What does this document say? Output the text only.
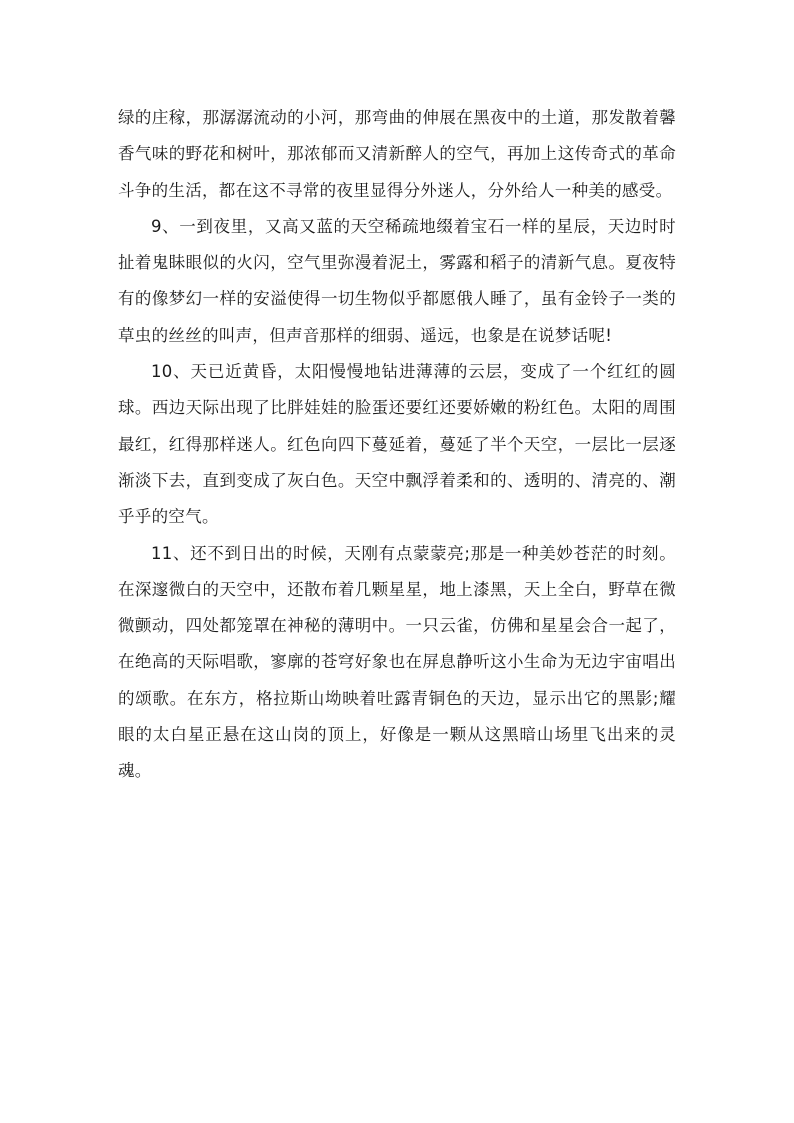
绿的庄稼，那潺潺流动的小河，那弯曲的伸展在黑夜中的土道，那发散着馨香气味的野花和树叶，那浓郁而又清新醉人的空气，再加上这传奇式的革命斗争的生活，都在这不寻常的夜里显得分外迷人，分外给人一种美的感受。

9、一到夜里，又高又蓝的天空稀疏地缀着宝石一样的星辰，天边时时扯着鬼眛眼似的火闪，空气里弥漫着泥土，雾露和稻子的清新气息。夏夜特有的像梦幻一样的安溢使得一切生物似乎都愿俄人睡了，虽有金铃子一类的草虫的丝丝的叫声，但声音那样的细弱、遥远，也象是在说梦话呢!

10、天已近黄昏，太阳慢慢地钻进薄薄的云层，变成了一个红红的圆球。西边天际出现了比胖娃娃的脸蛋还要红还要娇嫩的粉红色。太阳的周围最红，红得那样迷人。红色向四下蔓延着，蔓延了半个天空，一层比一层逐渐淡下去，直到变成了灰白色。天空中飘浮着柔和的、透明的、清亮的、潮乎乎的空气。

11、还不到日出的时候，天刚有点蒙蒙亮;那是一种美妙苍茫的时刻。在深邃微白的天空中，还散布着几颗星星，地上漆黑，天上全白，野草在微微颤动，四处都笼罩在神秘的薄明中。一只云雀，仿佛和星星会合一起了，在绝高的天际唱歌，寥廓的苍穹好象也在屏息静听这小生命为无边宇宙唱出的颂歌。在东方，格拉斯山坳映着吐露青铜色的天边，显示出它的黑影;耀眼的太白星正悬在这山岗的顶上，好像是一颗从这黑暗山场里飞出来的灵魂。
